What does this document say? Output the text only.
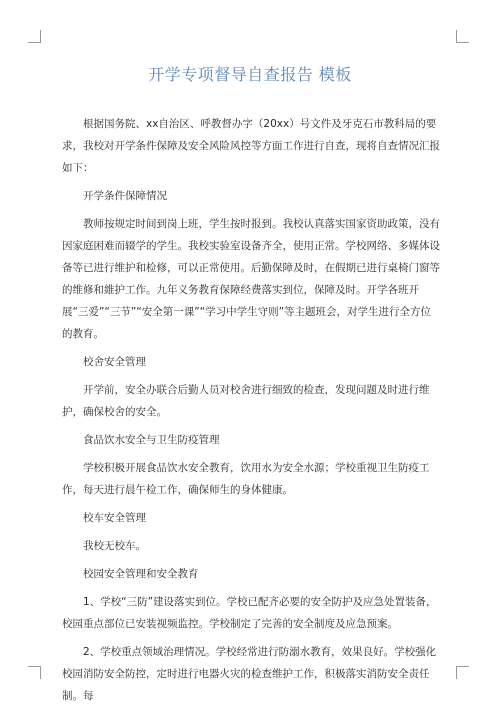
开学专项督导自查报告 模板

根据国务院、xx自治区、呼教督办字（20xx）号文件及牙克石市教科局的要求，我校对开学条件保障及安全风险风控等方面工作进行自查，现将自查情况汇报如下：

开学条件保障情况

教师按规定时间到岗上班，学生按时报到。我校认真落实国家资助政策，没有因家庭困难而辍学的学生。我校实验室设备齐全，使用正常。学校网络、多媒体设备等已进行维护和检修，可以正常使用。后勤保障及时，在假期已进行桌椅门窗等的维修和維护工作。九年义务教育保障经费落实到位，保障及时。开学各班开展“三爱”“三节”“安全第一课”“学习中学生守则”等主题班会，对学生进行全方位的教育。

校舍安全管理

开学前，安全办联合后勤人员对校舍进行细致的检查，发现问题及时进行维护，确保校舍的安全。

食品饮水安全与卫生防疫管理

学校积极开展食品饮水安全教育，饮用水为安全水源；学校重视卫生防疫工作，每天进行晨午检工作，确保师生的身体健康。

校车安全管理

我校无校车。

校园安全管理和安全教育

1、学校“三防”建设落实到位。学校已配齐必要的安全防护及应急处置装备，校园重点部位已安装视频监控。学校制定了完善的安全制度及应急预案。

2、学校重点领域治理情况。学校经常进行防溺水教育，效果良好。学校强化校园消防安全防控，定时进行电器火灾的检查维护工作，积极落实消防安全责任制。每
